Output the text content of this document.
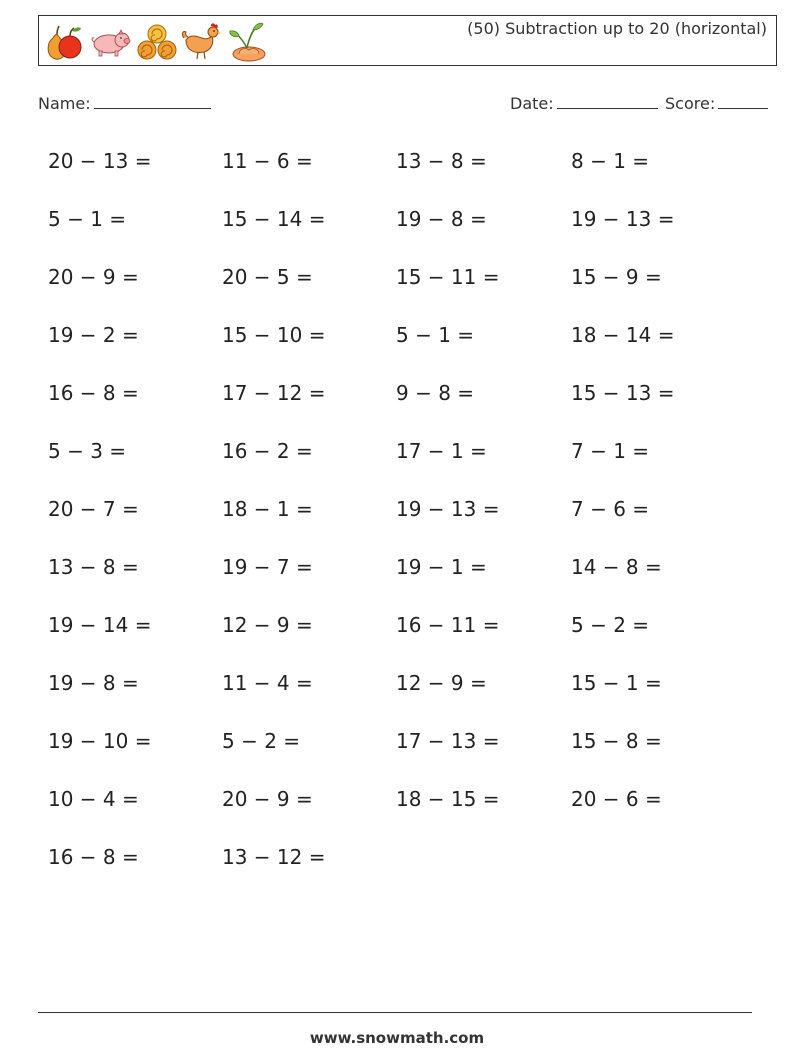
(50) Subtraction up to 20 (horizontal)
Name:	Date:	Score:
20 − 13 =	11 − 6 =	13 − 8 =	8 − 1 =
5 − 1 =	15 − 14 =	19 − 8 =	19 − 13 =
20 − 9 =	20 − 5 =	15 − 11 =	15 − 9 =
19 − 2 =	15 − 10 =	5 − 1 =	18 − 14 =
16 − 8 =	17 − 12 =	9 − 8 =	15 − 13 =
5 − 3 =	16 − 2 =	17 − 1 =	7 − 1 =
20 − 7 =	18 − 1 =	19 − 13 =	7 − 6 =
13 − 8 =	19 − 7 =	19 − 1 =	14 − 8 =
19 − 14 =	12 − 9 =	16 − 11 =	5 − 2 =
19 − 8 =	11 − 4 =	12 − 9 =	15 − 1 =
19 − 10 =	5 − 2 =	17 − 13 =	15 − 8 =
10 − 4 =	20 − 9 =	18 − 15 =	20 − 6 =
16 − 8 =	13 − 12 =
www.snowmath.com
